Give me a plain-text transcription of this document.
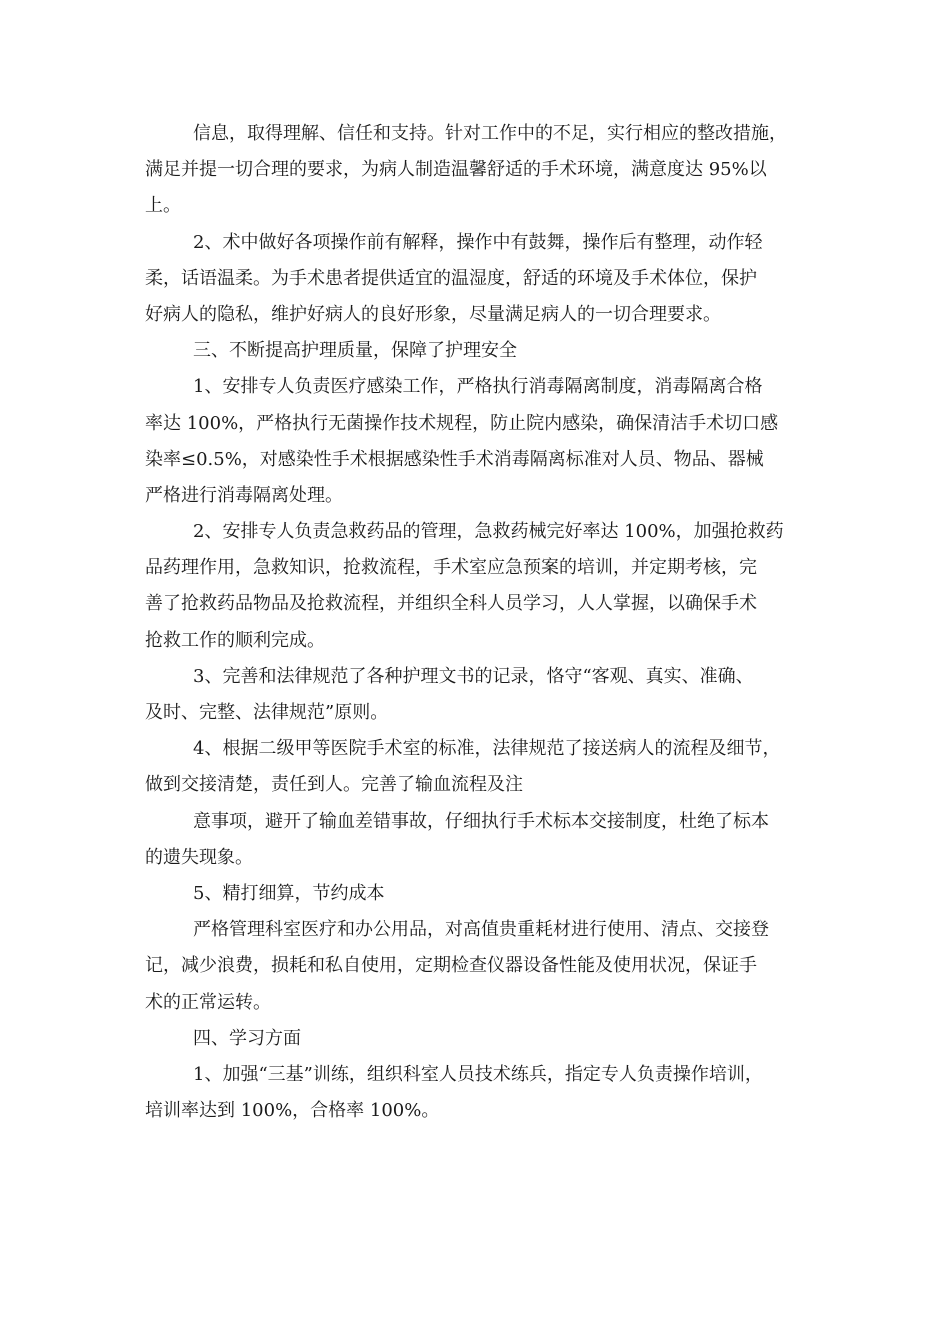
信息，取得理解、信任和支持。针对工作中的不足，实行相应的整改措施，
满足并提一切合理的要求，为病人制造温馨舒适的手术环境，满意度达 95%以
上。
2、术中做好各项操作前有解释，操作中有鼓舞，操作后有整理，动作轻
柔，话语温柔。为手术患者提供适宜的温湿度，舒适的环境及手术体位，保护
好病人的隐私，维护好病人的良好形象，尽量满足病人的一切合理要求。
三、不断提高护理质量，保障了护理安全
1、安排专人负责医疗感染工作，严格执行消毒隔离制度，消毒隔离合格
率达 100%，严格执行无菌操作技术规程，防止院内感染，确保清洁手术切口感
染率≤0.5%，对感染性手术根据感染性手术消毒隔离标准对人员、物品、器械
严格进行消毒隔离处理。
2、安排专人负责急救药品的管理，急救药械完好率达 100%，加强抢救药
品药理作用，急救知识，抢救流程，手术室应急预案的培训，并定期考核，完
善了抢救药品物品及抢救流程，并组织全科人员学习，人人掌握，以确保手术
抢救工作的顺利完成。
3、完善和法律规范了各种护理文书的记录，恪守“客观、真实、准确、
及时、完整、法律规范”原则。
4、根据二级甲等医院手术室的标准，法律规范了接送病人的流程及细节，
做到交接清楚，责任到人。完善了输血流程及注
意事项，避开了输血差错事故，仔细执行手术标本交接制度，杜绝了标本
的遗失现象。
5、精打细算，节约成本
严格管理科室医疗和办公用品，对高值贵重耗材进行使用、清点、交接登
记，减少浪费，损耗和私自使用，定期检查仪器设备性能及使用状况，保证手
术的正常运转。
四、学习方面
1、加强“三基”训练，组织科室人员技术练兵，指定专人负责操作培训，
培训率达到 100%，合格率 100%。
